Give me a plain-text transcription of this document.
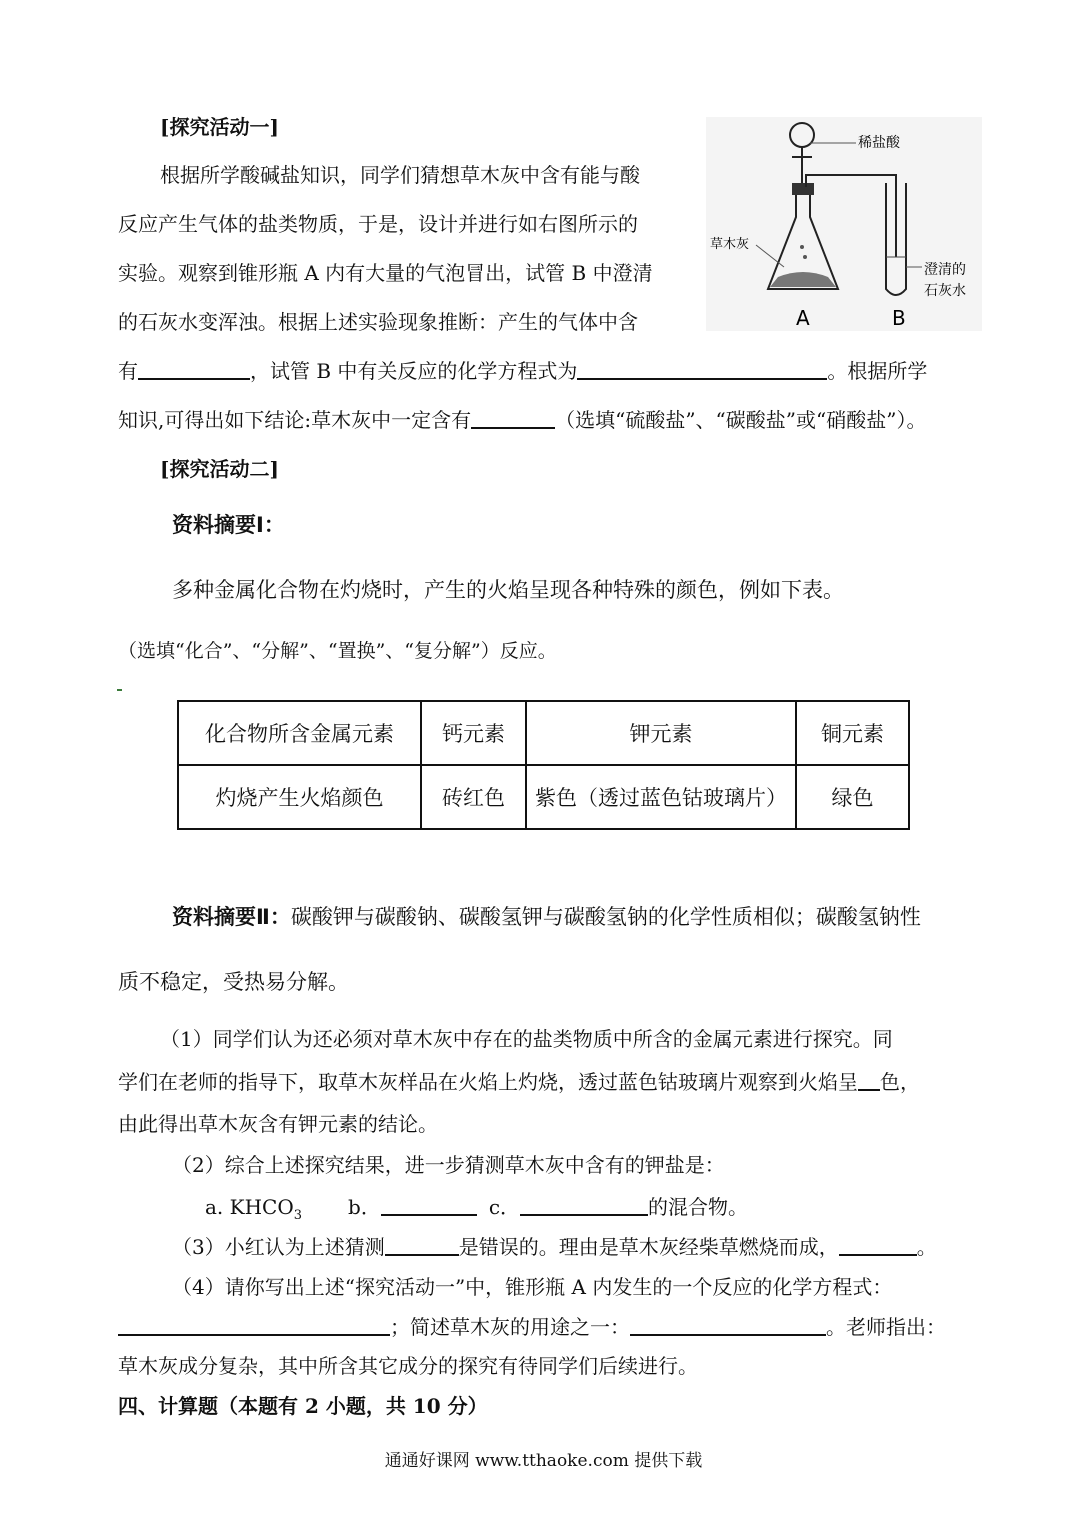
[探究活动一]
根据所学酸碱盐知识，同学们猜想草木灰中含有能与酸
反应产生气体的盐类物质，于是，设计并进行如右图所示的
实验。观察到锥形瓶 A 内有大量的气泡冒出，试管 B 中澄清
的石灰水变浑浊。根据上述实验现象推断：产生的气体中含
有	，试管 B 中有关反应的化学方程式为	。根据所学
知识,可得出如下结论:草木灰中一定含有	（选填“硫酸盐”、“碳酸盐”或“硝酸盐”）。
稀盐酸
草木灰
澄清的
石灰水
A	B
[探究活动二]
资料摘要Ⅰ：
多种金属化合物在灼烧时，产生的火焰呈现各种特殊的颜色，例如下表。
（选填“化合”、“分解”、“置换”、“复分解”）反应。
化合物所含金属元素	钙元素	钾元素	铜元素
灼烧产生火焰颜色	砖红色	紫色（透过蓝色钴玻璃片）	绿色
资料摘要Ⅱ：碳酸钾与碳酸钠、碳酸氢钾与碳酸氢钠的化学性质相似；碳酸氢钠性
质不稳定，受热易分解。
（1）同学们认为还必须对草木灰中存在的盐类物质中所含的金属元素进行探究。同
学们在老师的指导下，取草木灰样品在火焰上灼烧，透过蓝色钴玻璃片观察到火焰呈 色，
由此得出草木灰含有钾元素的结论。
（2）综合上述探究结果，进一步猜测草木灰中含有的钾盐是：
a. $KHCO_3$ b．	c．	的混合物。
（3）小红认为上述猜测	是错误的。理由是草木灰经柴草燃烧而成，	。
（4）请你写出上述“探究活动一”中，锥形瓶 A 内发生的一个反应的化学方程式：
；简述草木灰的用途之一：	。老师指出：
草木灰成分复杂，其中所含其它成分的探究有待同学们后续进行。
四、计算题（本题有 2 小题，共 10 分）
通通好课网 www.tthaoke.com 提供下载
